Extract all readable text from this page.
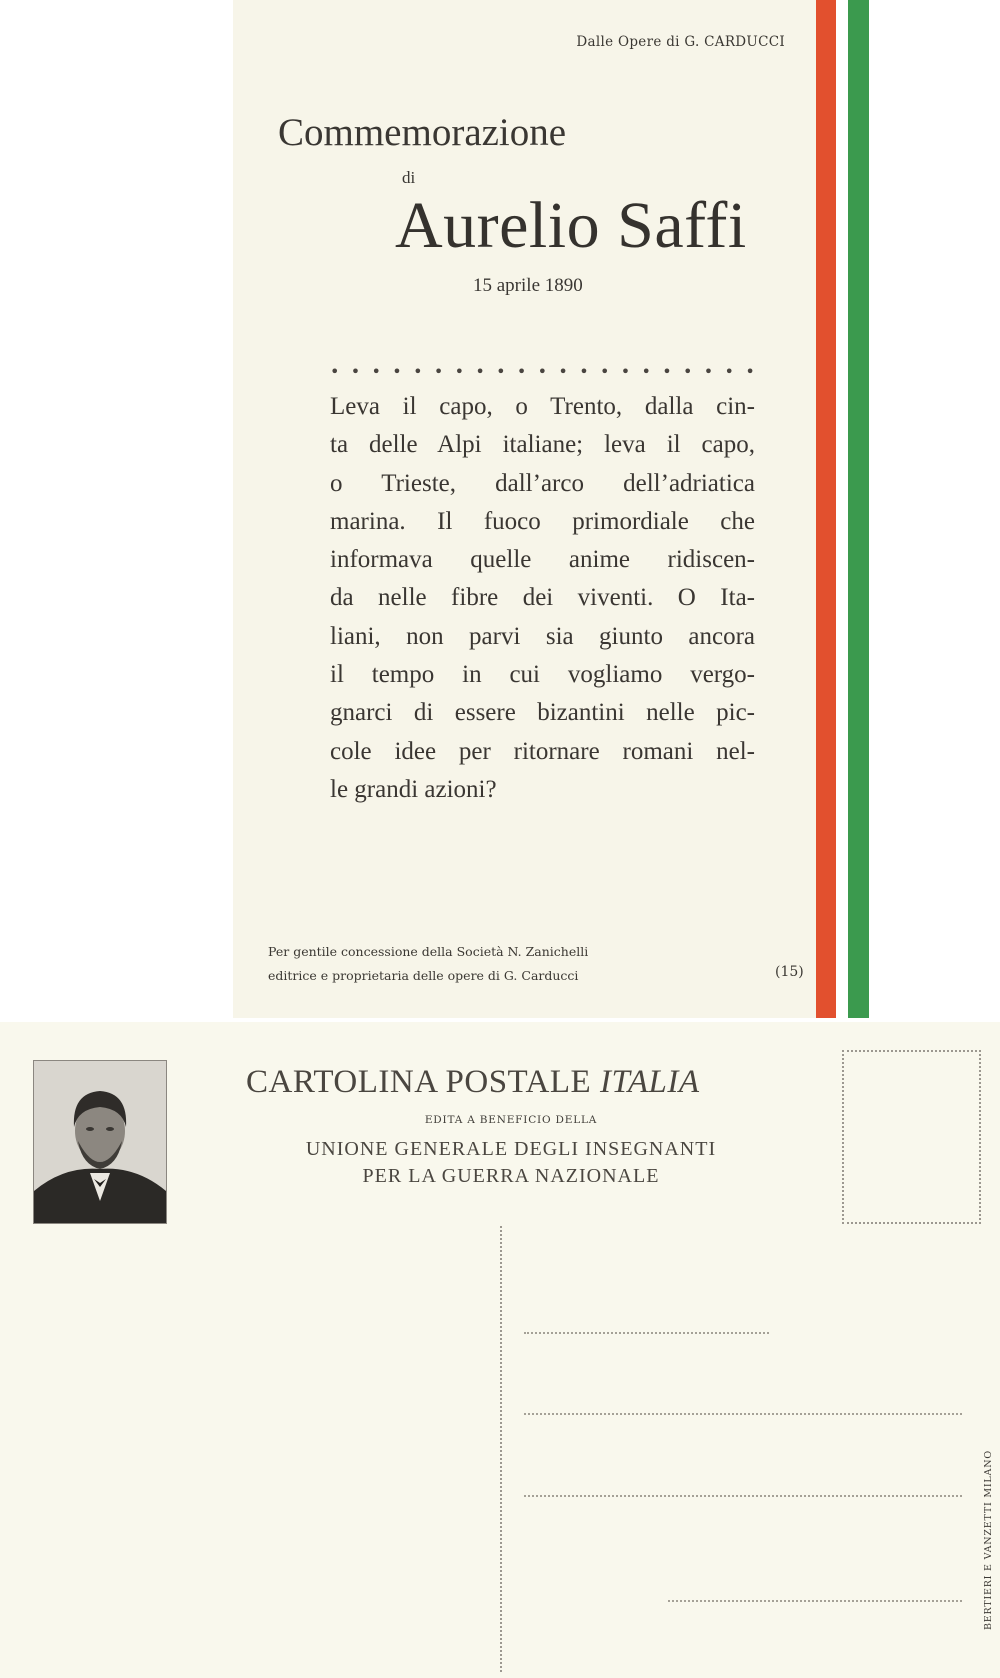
Dalle Opere di G. CARDUCCI
Commemorazione
di
Aurelio Saffi
15 aprile 1890
• • • • • • • • • • • • • • • • • • • • •
Leva il capo, o Trento, dalla cin-
ta delle Alpi italiane; leva il capo,
o Trieste, dall’arco dell’adriatica
marina. Il fuoco primordiale che
informava quelle anime ridiscen-
da nelle fibre dei viventi. O Ita-
liani, non parvi sia giunto ancora
il tempo in cui vogliamo vergo-
gnarci di essere bizantini nelle pic-
cole idee per ritornare romani nel-
le grandi azioni?
Per gentile concessione della Società N. Zanichelli
editrice e proprietaria delle opere di G. Carducci	(15)
CARTOLINA POSTALE ITALIA
EDITA A BENEFICIO DELLA
UNIONE GENERALE DEGLI INSEGNANTI
PER LA GUERRA NAZIONALE
BERTIERI E VANZETTI MILANO
